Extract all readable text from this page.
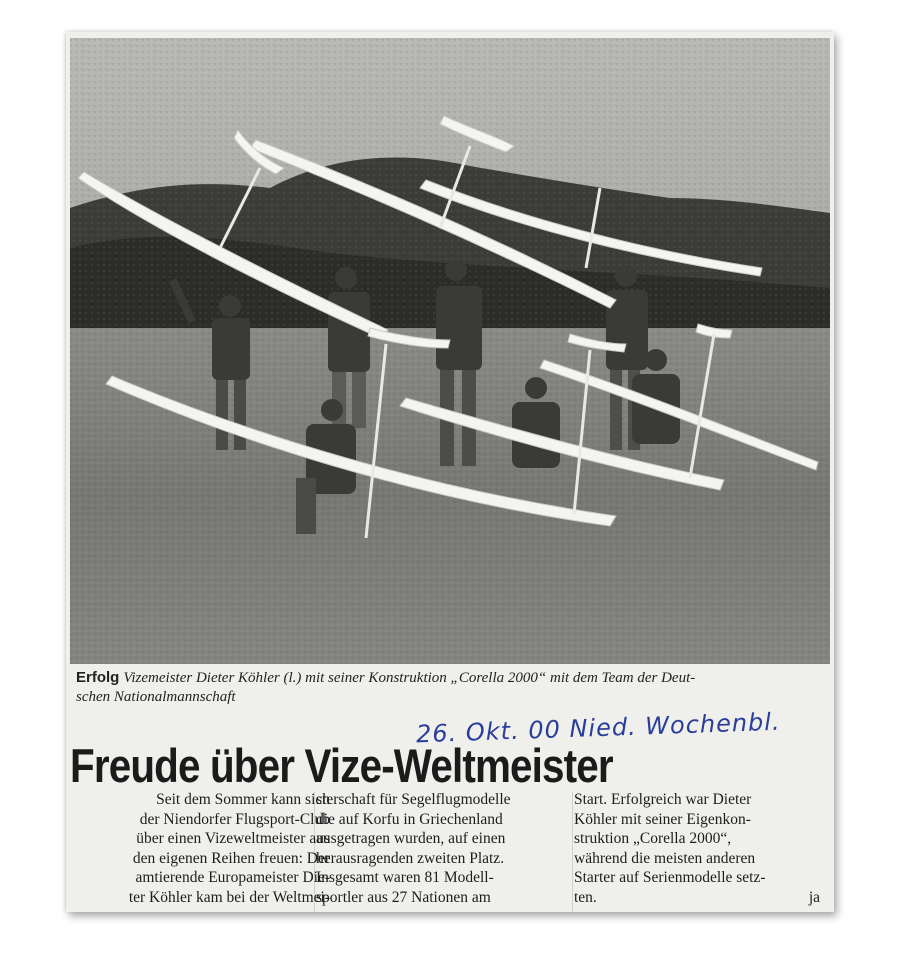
Erfolg Vizemeister Dieter Köhler (l.) mit seiner Konstruktion „Corella 2000“ mit dem Team der Deut-
schen Nationalmannschaft
26. Okt. 00 Nied. Wochenbl.
Freude über Vize-Weltmeister
Seit dem Sommer kann sich
der Niendorfer Flugsport-Club
über einen Vizeweltmeister aus
den eigenen Reihen freuen: Der
amtierende Europameister Die-
ter Köhler kam bei der Weltmei-
sterschaft für Segelflugmodelle
die auf Korfu in Griechenland
ausgetragen wurden, auf einen
herausragenden zweiten Platz.
Insgesamt waren 81 Modell-
sportler aus 27 Nationen am
Start. Erfolgreich war Dieter
Köhler mit seiner Eigenkon-
struktion „Corella 2000“,
während die meisten anderen
Starter auf Serienmodelle setz-
ten.	ja
